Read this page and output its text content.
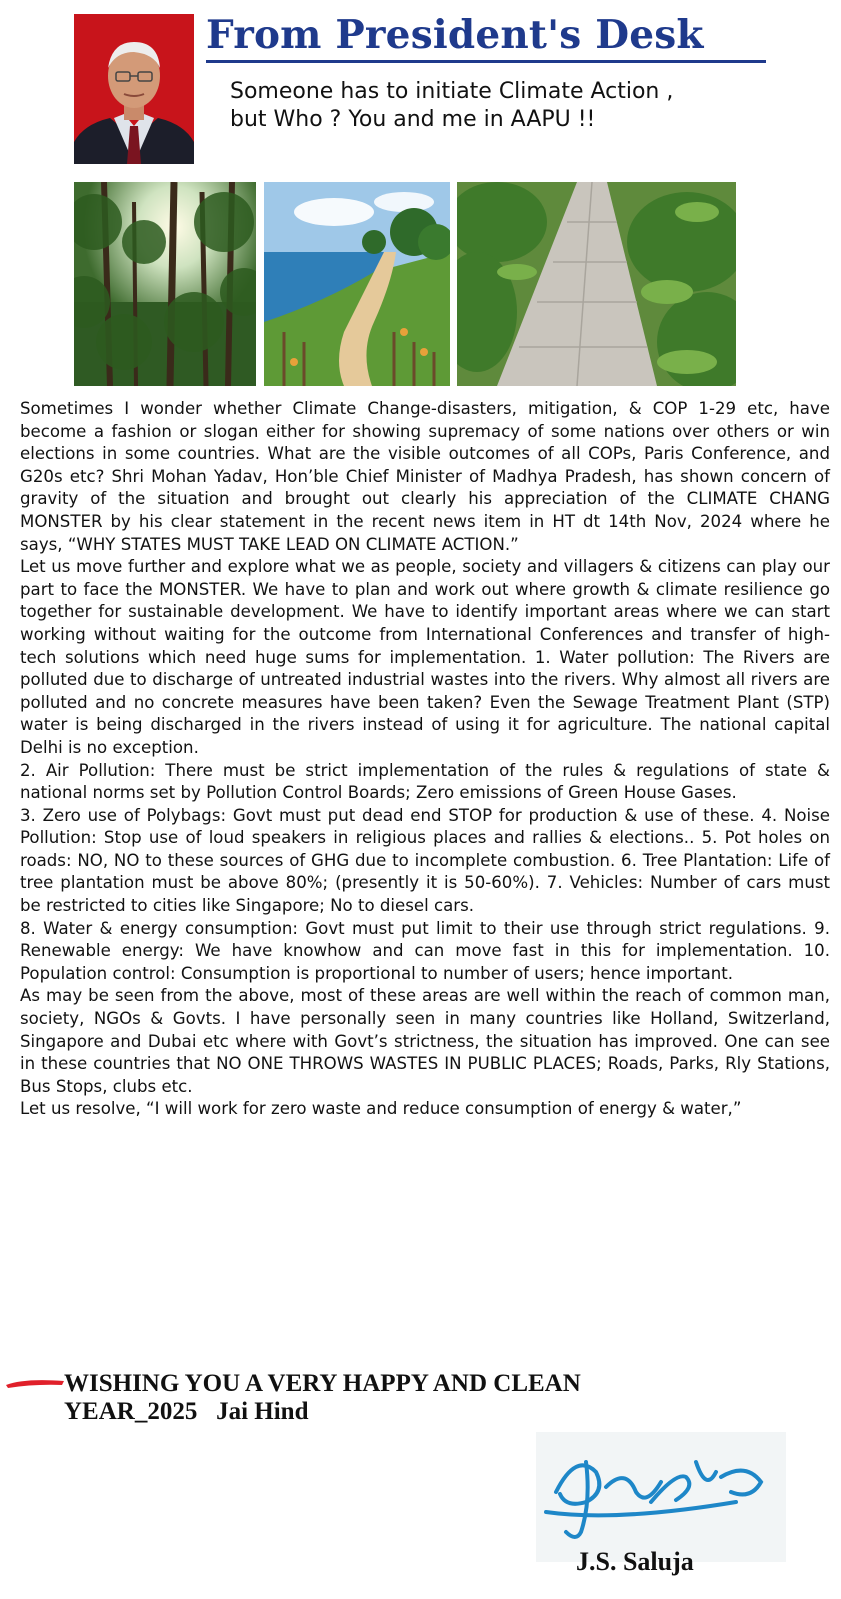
From President's Desk
Someone has to initiate Climate Action ,
but Who ? You and me in AAPU !!

Sometimes I wonder whether Climate Change-disasters, mitigation, & COP 1-29 etc, have become a fashion or slogan either for showing supremacy of some nations over others or win elections in some countries. What are the visible outcomes of all COPs, Paris Conference, and G20s etc? Shri Mohan Yadav, Hon’ble Chief Minister of Madhya Pradesh, has shown concern of gravity of the situation and brought out clearly his appreciation of the CLIMATE CHANG MONSTER by his clear statement in the recent news item in HT dt 14th Nov, 2024 where he says, “WHY STATES MUST TAKE LEAD ON CLIMATE ACTION.”

Let us move further and explore what we as people, society and villagers & citizens can play our part to face the MONSTER. We have to plan and work out where growth & climate resilience go together for sustainable development. We have to identify important areas where we can start working without waiting for the outcome from International Conferences and transfer of high-tech solutions which need huge sums for implementation. 1. Water pollution: The Rivers are polluted due to discharge of untreated industrial wastes into the rivers. Why almost all rivers are polluted and no concrete measures have been taken? Even the Sewage Treatment Plant (STP) water is being discharged in the rivers instead of using it for agriculture. The national capital Delhi is no exception.

2. Air Pollution: There must be strict implementation of the rules & regulations of state & national norms set by Pollution Control Boards; Zero emissions of Green House Gases.

3. Zero use of Polybags: Govt must put dead end STOP for production & use of these. 4. Noise Pollution: Stop use of loud speakers in religious places and rallies & elections.. 5. Pot holes on roads: NO, NO to these sources of GHG due to incomplete combustion. 6. Tree Plantation: Life of tree plantation must be above 80%; (presently it is 50-60%). 7. Vehicles: Number of cars must be restricted to cities like Singapore; No to diesel cars.

8. Water & energy consumption: Govt must put limit to their use through strict regulations. 9. Renewable energy: We have knowhow and can move fast in this for implementation. 10. Population control: Consumption is proportional to number of users; hence important.

As may be seen from the above, most of these areas are well within the reach of common man, society, NGOs & Govts. I have personally seen in many countries like Holland, Switzerland, Singapore and Dubai etc where with Govt’s strictness, the situation has improved. One can see in these countries that NO ONE THROWS WASTES IN PUBLIC PLACES; Roads, Parks, Rly Stations, Bus Stops, clubs etc.

Let us resolve, “I will work for zero waste and reduce consumption of energy & water,”

WISHING YOU A VERY HAPPY AND CLEAN
YEAR_2025   Jai Hind
J.S. Saluja
